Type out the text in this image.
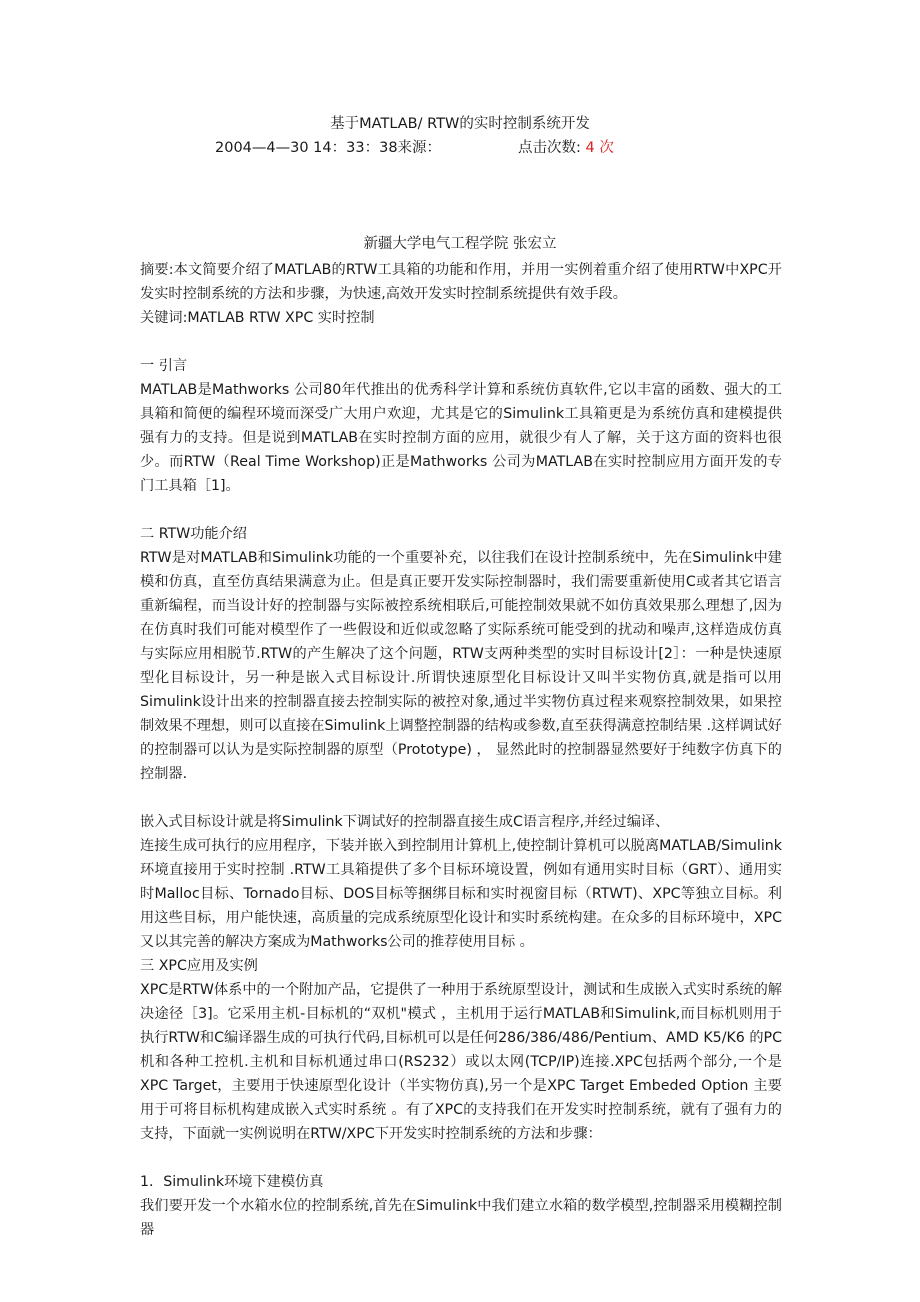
基于MATLAB/ RTW的实时控制系统开发
2004—4—30 14：33：38来源：	点击次数: 4 次
新疆大学电气工程学院 张宏立

摘要:本文简要介绍了MATLAB的RTW工具箱的功能和作用，并用一实例着重介绍了使用RTW中XPC开发实时控制系统的方法和步骤，为快速,高效开发实时控制系统提供有效手段。

关键词:MATLAB RTW XPC 实时控制

一 引言

MATLAB是Mathworks 公司80年代推出的优秀科学计算和系统仿真软件,它以丰富的函数、强大的工具箱和简便的编程环境而深受广大用户欢迎，尤其是它的Simulink工具箱更是为系统仿真和建模提供强有力的支持。但是说到MATLAB在实时控制方面的应用，就很少有人了解，关于这方面的资料也很少。而RTW（Real Time Workshop)正是Mathworks 公司为MATLAB在实时控制应用方面开发的专门工具箱［1]。

二 RTW功能介绍

RTW是对MATLAB和Simulink功能的一个重要补充，以往我们在设计控制系统中，先在Simulink中建模和仿真，直至仿真结果满意为止。但是真正要开发实际控制器时，我们需要重新使用C或者其它语言重新编程，而当设计好的控制器与实际被控系统相联后,可能控制效果就不如仿真效果那么理想了,因为在仿真时我们可能对模型作了一些假设和近似或忽略了实际系统可能受到的扰动和噪声,这样造成仿真与实际应用相脱节.RTW的产生解决了这个问题，RTW支两种类型的实时目标设计[2］：一种是快速原型化目标设计，另一种是嵌入式目标设计.所谓快速原型化目标设计又叫半实物仿真,就是指可以用Simulink设计出来的控制器直接去控制实际的被控对象,通过半实物仿真过程来观察控制效果，如果控制效果不理想，则可以直接在Simulink上调整控制器的结构或参数,直至获得满意控制结果 .这样调试好的控制器可以认为是实际控制器的原型（Prototype) ， 显然此时的控制器显然要好于纯数字仿真下的控制器.

嵌入式目标设计就是将Simulink下调试好的控制器直接生成C语言程序,并经过编译、

连接生成可执行的应用程序，下装并嵌入到控制用计算机上,使控制计算机可以脱离MATLAB/Simulink环境直接用于实时控制 .RTW工具箱提供了多个目标环境设置，例如有通用实时目标（GRT）、通用实时Malloc目标、Tornado目标、DOS目标等捆绑目标和实时视窗目标（RTWT)、XPC等独立目标。利用这些目标，用户能快速，高质量的完成系统原型化设计和实时系统构建。在众多的目标环境中，XPC又以其完善的解决方案成为Mathworks公司的推荐使用目标 。

三 XPC应用及实例

XPC是RTW体系中的一个附加产品，它提供了一种用于系统原型设计，测试和生成嵌入式实时系统的解决途径［3]。它采用主机-目标机的“双机"模式 ，主机用于运行MATLAB和Simulink,而目标机则用于执行RTW和C编译器生成的可执行代码,目标机可以是任何286/386/486/Pentium、AMD K5/K6 的PC机和各种工控机.主机和目标机通过串口(RS232）或以太网(TCP/IP)连接.XPC包括两个部分,一个是XPC Target，主要用于快速原型化设计（半实物仿真),另一个是XPC Target Embeded Option 主要用于可将目标机构建成嵌入式实时系统 。有了XPC的支持我们在开发实时控制系统，就有了强有力的支持，下面就一实例说明在RTW/XPC下开发实时控制系统的方法和步骤：

1．Simulink环境下建模仿真

我们要开发一个水箱水位的控制系统,首先在Simulink中我们建立水箱的数学模型,控制器采用模糊控制器
